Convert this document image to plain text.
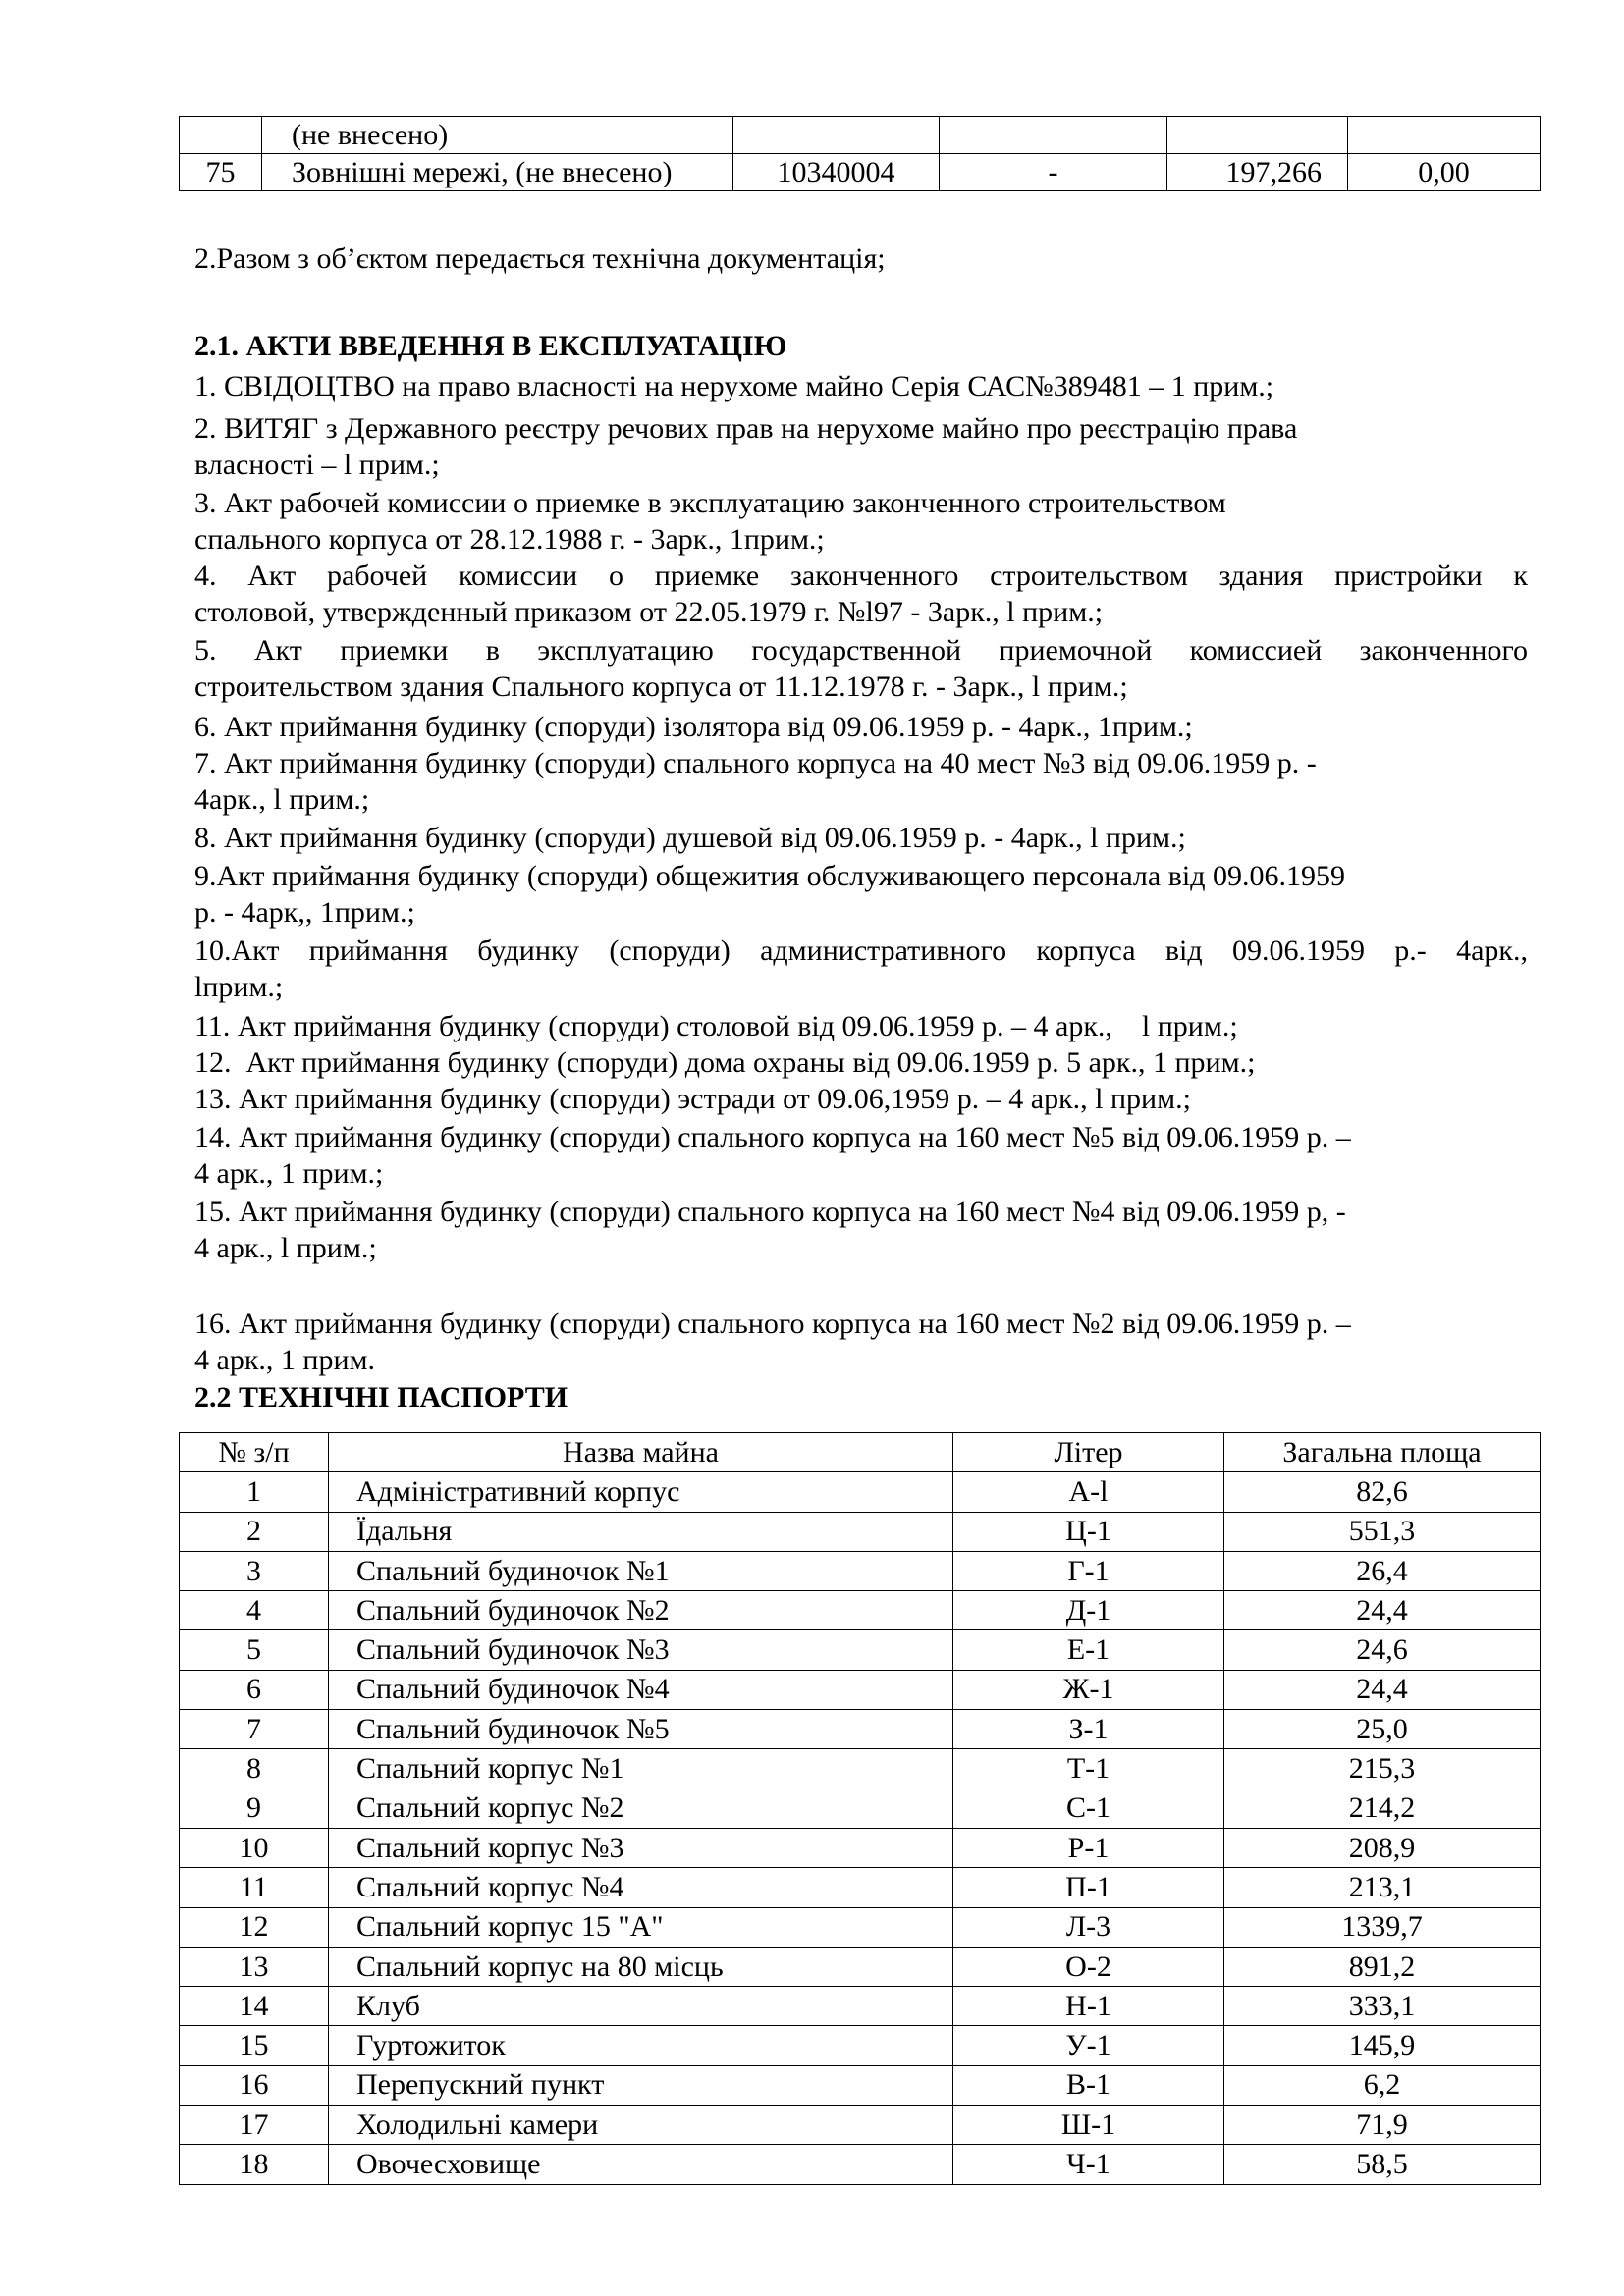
	(не внесено)				
75	Зовнішні мережі, (не внесено)	10340004	-	197,266	0,00
2.Разом з об’єктом передається технічна документація;
2.1. АКТИ ВВЕДЕННЯ В ЕКСПЛУАТАЦІЮ
1. СВІДОЦТВО на право власності на нерухоме майно Серія САС№389481 – 1 прим.;
2. ВИТЯГ з Державного реєстру речових прав на нерухоме майно про реєстрацію права
власності – l прим.;
3. Акт рабочей комиссии о приемке в эксплуатацию законченного строительством
спального корпуса от 28.12.1988 г. - 3арк., 1прим.;
4. Акт рабочей комиссии о приемке законченного строительством здания пристройки к
столовой, утвержденный приказом от 22.05.1979 г. №l97 - 3арк., l прим.;
5. Акт приемки в эксплуатацию государственной приемочной комиссией законченного
строительством здания Спального корпуса от 11.12.1978 г. - 3арк., l прим.;
6. Акт приймання будинку (споруди) ізолятора від 09.06.1959 р. - 4арк., 1прим.;
7. Акт приймання будинку (споруди) спального корпуса на 40 мест №3 від 09.06.1959 р. -
4арк., l прим.;
8. Акт приймання будинку (споруди) душевой від 09.06.1959 р. - 4арк., l прим.;
9.Акт приймання будинку (споруди) общежития обслуживающего персонала від 09.06.1959
р. - 4арк,, 1прим.;
10.Акт приймання будинку (споруди) административного корпуса від 09.06.1959 р.- 4арк.,
lприм.;
11. Акт приймання будинку (споруди) столовой від 09.06.1959 р. – 4 арк.,    l прим.;
12.  Акт приймання будинку (споруди) дома охраны від 09.06.1959 р. 5 арк., 1 прим.;
13. Акт приймання будинку (споруди) эстради от 09.06,1959 р. – 4 арк., l прим.;
14. Акт приймання будинку (споруди) спального корпуса на 160 мест №5 від 09.06.1959 р. –
4 арк., 1 прим.;
15. Акт приймання будинку (споруди) спального корпуса на 160 мест №4 від 09.06.1959 р, -
4 арк., l прим.;
16. Акт приймання будинку (споруди) спального корпуса на 160 мест №2 від 09.06.1959 р. –
4 арк., 1 прим.
2.2 ТЕХНІЧНІ ПАСПОРТИ
№ з/п	Назва майна	Літер	Загальна площа
1	Адміністративний корпус	А-l	82,6
2	Їдальня	Ц-1	551,3
3	Спальний будиночок №1	Г-1	26,4
4	Спальний будиночок №2	Д-1	24,4
5	Спальний будиночок №3	Е-1	24,6
6	Спальний будиночок №4	Ж-1	24,4
7	Спальний будиночок №5	З-1	25,0
8	Спальний корпус №1	Т-1	215,3
9	Спальний корпус №2	С-1	214,2
10	Спальний корпус №3	Р-1	208,9
11	Спальний корпус №4	П-1	213,1
12	Спальний корпус 15 "А"	Л-3	1339,7
13	Спальний корпус на 80 місць	О-2	891,2
14	Клуб	Н-1	333,1
15	Гуртожиток	У-1	145,9
16	Перепускний пункт	В-1	6,2
17	Холодильні камери	Ш-1	71,9
18	Овочесховище	Ч-1	58,5
